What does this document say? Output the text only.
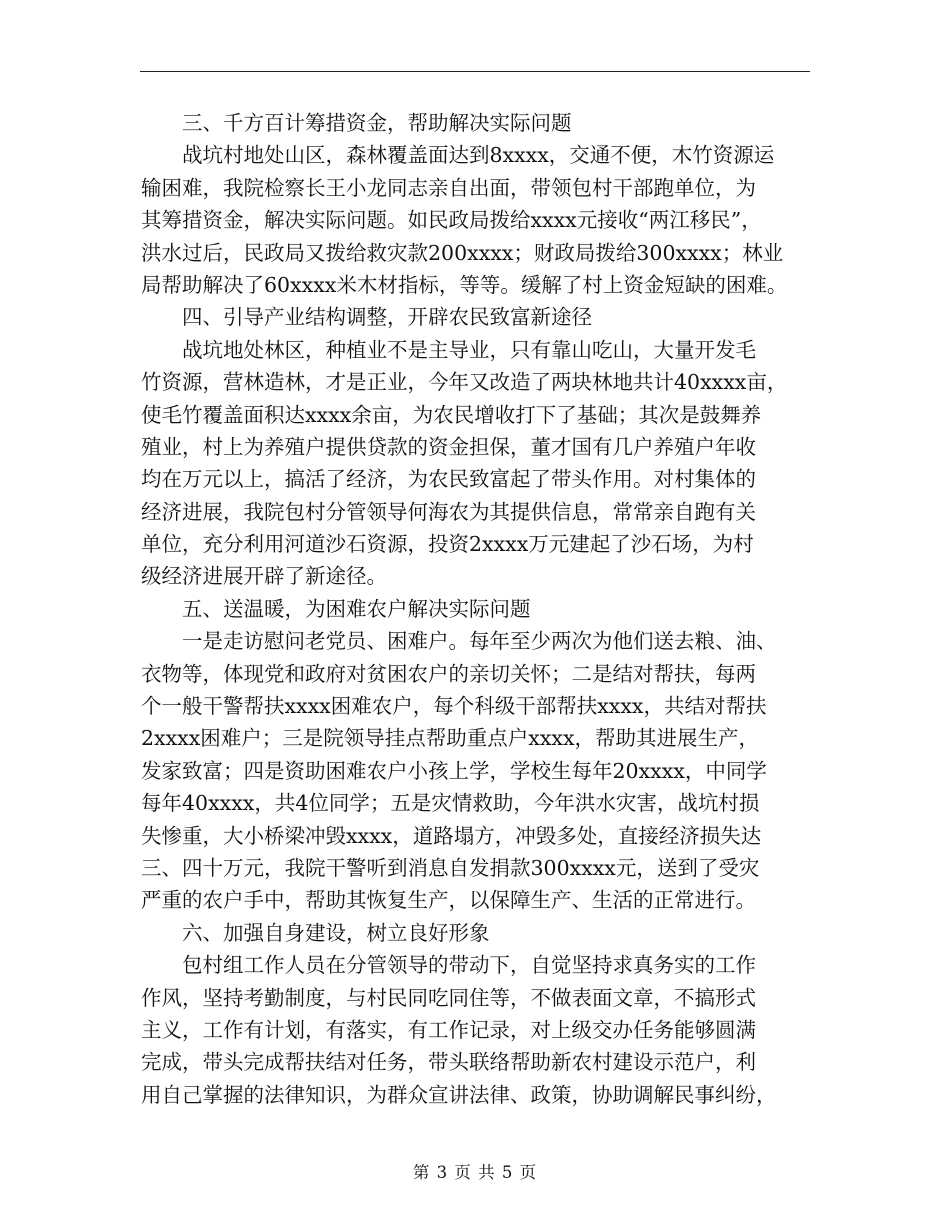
三、千方百计筹措资金，帮助解决实际问题
战坑村地处山区，森林覆盖面达到8xxxx，交通不便，木竹资源运
输困难，我院检察长王小龙同志亲自出面，带领包村干部跑单位，为
其筹措资金，解决实际问题。如民政局拨给xxxx元接收“两江移民”，
洪水过后，民政局又拨给救灾款200xxxx；财政局拨给300xxxx；林业
局帮助解决了60xxxx米木材指标，等等。缓解了村上资金短缺的困难。
四、引导产业结构调整，开辟农民致富新途径
战坑地处林区，种植业不是主导业，只有靠山吃山，大量开发毛
竹资源，营林造林，才是正业，今年又改造了两块林地共计40xxxx亩，
使毛竹覆盖面积达xxxx余亩，为农民增收打下了基础；其次是鼓舞养
殖业，村上为养殖户提供贷款的资金担保，董才国有几户养殖户年收
均在万元以上，搞活了经济，为农民致富起了带头作用。对村集体的
经济进展，我院包村分管领导何海农为其提供信息，常常亲自跑有关
单位，充分利用河道沙石资源，投资2xxxx万元建起了沙石场，为村
级经济进展开辟了新途径。
五、送温暖，为困难农户解决实际问题
一是走访慰问老党员、困难户。每年至少两次为他们送去粮、油、
衣物等，体现党和政府对贫困农户的亲切关怀；二是结对帮扶，每两
个一般干警帮扶xxxx困难农户，每个科级干部帮扶xxxx，共结对帮扶
2xxxx困难户；三是院领导挂点帮助重点户xxxx，帮助其进展生产，
发家致富；四是资助困难农户小孩上学，学校生每年20xxxx，中同学
每年40xxxx，共4位同学；五是灾情救助，今年洪水灾害，战坑村损
失惨重，大小桥梁冲毁xxxx，道路塌方，冲毁多处，直接经济损失达
三、四十万元，我院干警听到消息自发捐款300xxxx元，送到了受灾
严重的农户手中，帮助其恢复生产，以保障生产、生活的正常进行。
六、加强自身建设，树立良好形象
包村组工作人员在分管领导的带动下，自觉坚持求真务实的工作
作风，坚持考勤制度，与村民同吃同住等，不做表面文章，不搞形式
主义，工作有计划，有落实，有工作记录，对上级交办任务能够圆满
完成，带头完成帮扶结对任务，带头联络帮助新农村建设示范户，利
用自己掌握的法律知识，为群众宣讲法律、政策，协助调解民事纠纷，
第 3 页 共 5 页
